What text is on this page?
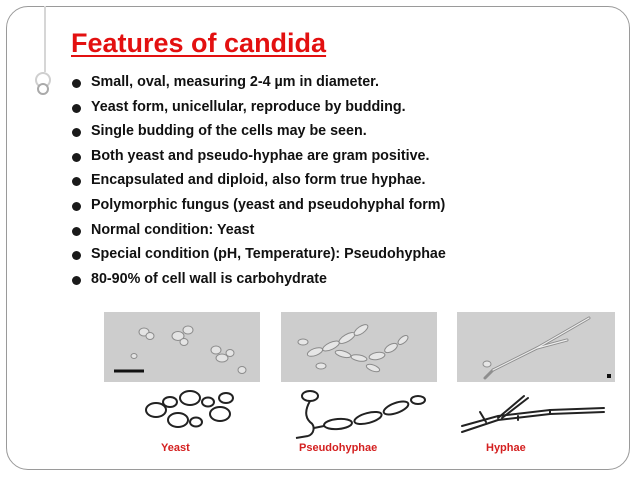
Features of candida
Small, oval, measuring 2-4 µm in diameter.
Yeast form, unicellular, reproduce by budding.
Single budding of the cells may be seen.
Both yeast and pseudo-hyphae are gram positive.
Encapsulated and diploid, also form true hyphae.
Polymorphic fungus (yeast and pseudohyphal form)
Normal condition: Yeast
Special condition (pH, Temperature): Pseudohyphae
80-90% of cell wall is carbohydrate
Yeast	Pseudohyphae	Hyphae
